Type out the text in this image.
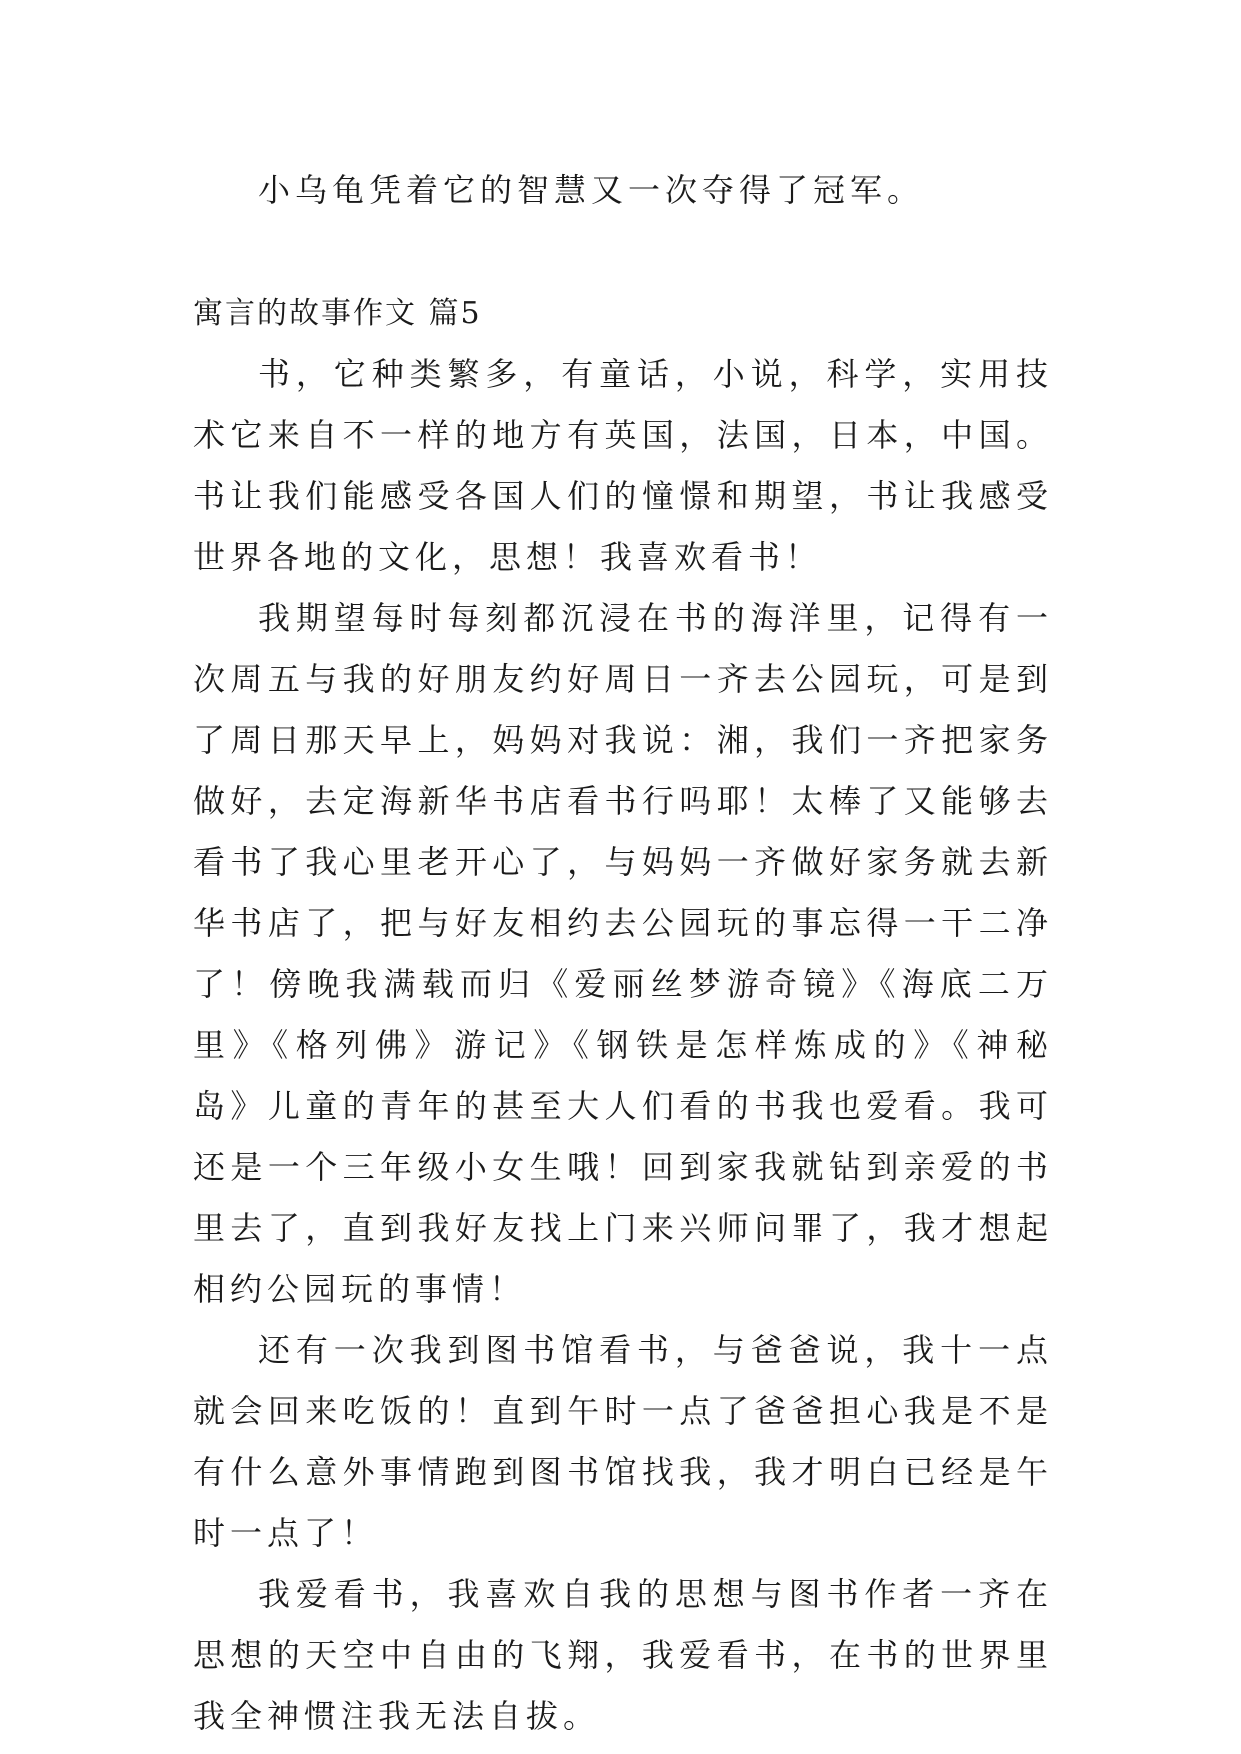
小乌龟凭着它的智慧又一次夺得了冠军。

寓言的故事作文 篇5

书，它种类繁多，有童话，小说，科学，实用技术它来自不一样的地方有英国，法国，日本，中国。书让我们能感受各国人们的憧憬和期望，书让我感受世界各地的文化，思想！我喜欢看书！

我期望每时每刻都沉浸在书的海洋里，记得有一次周五与我的好朋友约好周日一齐去公园玩，可是到了周日那天早上，妈妈对我说：湘，我们一齐把家务做好，去定海新华书店看书行吗耶！太棒了又能够去看书了我心里老开心了，与妈妈一齐做好家务就去新华书店了，把与好友相约去公园玩的事忘得一干二净了！傍晚我满载而归《爱丽丝梦游奇镜》《海底二万里》《格列佛》游记》《钢铁是怎样炼成的》《神秘岛》儿童的青年的甚至大人们看的书我也爱看。我可还是一个三年级小女生哦！回到家我就钻到亲爱的书里去了，直到我好友找上门来兴师问罪了，我才想起相约公园玩的事情！

还有一次我到图书馆看书，与爸爸说，我十一点就会回来吃饭的！直到午时一点了爸爸担心我是不是有什么意外事情跑到图书馆找我，我才明白已经是午时一点了！

我爱看书，我喜欢自我的思想与图书作者一齐在思想的天空中自由的飞翔，我爱看书，在书的世界里我全神惯注我无法自拔。
